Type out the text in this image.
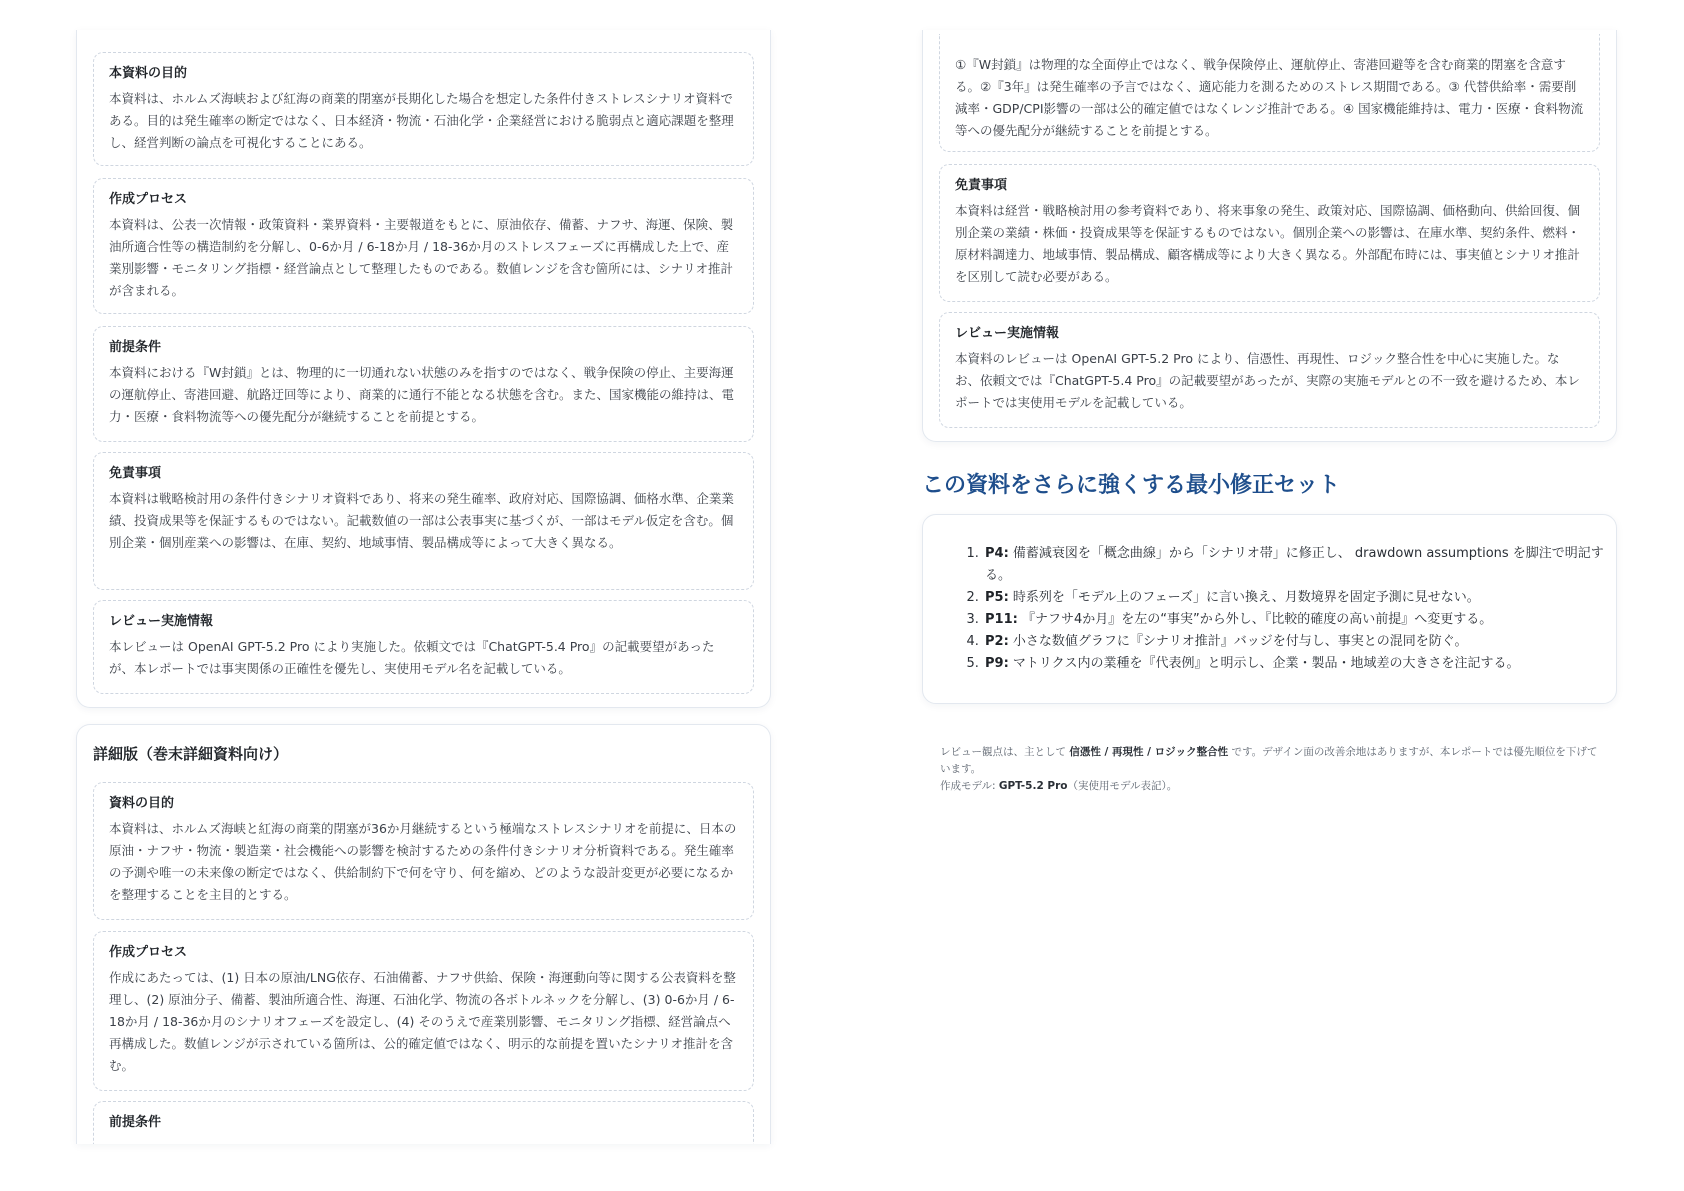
本資料の目的

本資料は、ホルムズ海峡および紅海の商業的閉塞が長期化した場合を想定した条件付きストレスシナリオ資料である。目的は発生確率の断定ではなく、日本経済・物流・石油化学・企業経営における脆弱点と適応課題を整理し、経営判断の論点を可視化することにある。

作成プロセス

本資料は、公表一次情報・政策資料・業界資料・主要報道をもとに、原油依存、備蓄、ナフサ、海運、保険、製油所適合性等の構造制約を分解し、0-6か月 / 6-18か月 / 18-36か月のストレスフェーズに再構成した上で、産業別影響・モニタリング指標・経営論点として整理したものである。数値レンジを含む箇所には、シナリオ推計が含まれる。

前提条件

本資料における『W封鎖』とは、物理的に一切通れない状態のみを指すのではなく、戦争保険の停止、主要海運の運航停止、寄港回避、航路迂回等により、商業的に通行不能となる状態を含む。また、国家機能の維持は、電力・医療・食料物流等への優先配分が継続することを前提とする。

免責事項

本資料は戦略検討用の条件付きシナリオ資料であり、将来の発生確率、政府対応、国際協調、価格水準、企業業績、投資成果等を保証するものではない。記載数値の一部は公表事実に基づくが、一部はモデル仮定を含む。個別企業・個別産業への影響は、在庫、契約、地域事情、製品構成等によって大きく異なる。

レビュー実施情報

本レビューは OpenAI GPT-5.2 Pro により実施した。依頼文では『ChatGPT-5.4 Pro』の記載要望があったが、本レポートでは事実関係の正確性を優先し、実使用モデル名を記載している。

詳細版（巻末詳細資料向け）
資料の目的

本資料は、ホルムズ海峡と紅海の商業的閉塞が36か月継続するという極端なストレスシナリオを前提に、日本の原油・ナフサ・物流・製造業・社会機能への影響を検討するための条件付きシナリオ分析資料である。発生確率の予測や唯一の未来像の断定ではなく、供給制約下で何を守り、何を縮め、どのような設計変更が必要になるかを整理することを主目的とする。

作成プロセス

作成にあたっては、(1) 日本の原油/LNG依存、石油備蓄、ナフサ供給、保険・海運動向等に関する公表資料を整理し、(2) 原油分子、備蓄、製油所適合性、海運、石油化学、物流の各ボトルネックを分解し、(3) 0-6か月 / 6-18か月 / 18-36か月のシナリオフェーズを設定し、(4) そのうえで産業別影響、モニタリング指標、経営論点へ再構成した。数値レンジが示されている箇所は、公的確定値ではなく、明示的な前提を置いたシナリオ推計を含む。

前提条件

①『W封鎖』は物理的な全面停止ではなく、戦争保険停止、運航停止、寄港回避等を含む商業的閉塞を含意する。②『3年』は発生確率の予言ではなく、適応能力を測るためのストレス期間である。③ 代替供給率・需要削減率・GDP/CPI影響の一部は公的確定値ではなくレンジ推計である。④ 国家機能維持は、電力・医療・食料物流等への優先配分が継続することを前提とする。

免責事項

本資料は経営・戦略検討用の参考資料であり、将来事象の発生、政策対応、国際協調、価格動向、供給回復、個別企業の業績・株価・投資成果等を保証するものではない。個別企業への影響は、在庫水準、契約条件、燃料・原材料調達力、地域事情、製品構成、顧客構成等により大きく異なる。外部配布時には、事実値とシナリオ推計を区別して読む必要がある。

レビュー実施情報

本資料のレビューは OpenAI GPT-5.2 Pro により、信憑性、再現性、ロジック整合性を中心に実施した。なお、依頼文では『ChatGPT-5.4 Pro』の記載要望があったが、実際の実施モデルとの不一致を避けるため、本レポートでは実使用モデルを記載している。

この資料をさらに強くする最小修正セット
1. P4: 備蓄減衰図を「概念曲線」から「シナリオ帯」に修正し、 drawdown assumptions を脚注で明記する。
2. P5: 時系列を「モデル上のフェーズ」に言い換え、月数境界を固定予測に見せない。
3. P11: 『ナフサ4か月』を左の“事実”から外し、『比較的確度の高い前提』へ変更する。
4. P2: 小さな数値グラフに『シナリオ推計』バッジを付与し、事実との混同を防ぐ。
5. P9: マトリクス内の業種を『代表例』と明示し、企業・製品・地域差の大きさを注記する。
レビュー観点は、主として 信憑性 / 再現性 / ロジック整合性 です。デザイン面の改善余地はありますが、本レポートでは優先順位を下げています。
作成モデル: GPT-5.2 Pro（実使用モデル表記）。
